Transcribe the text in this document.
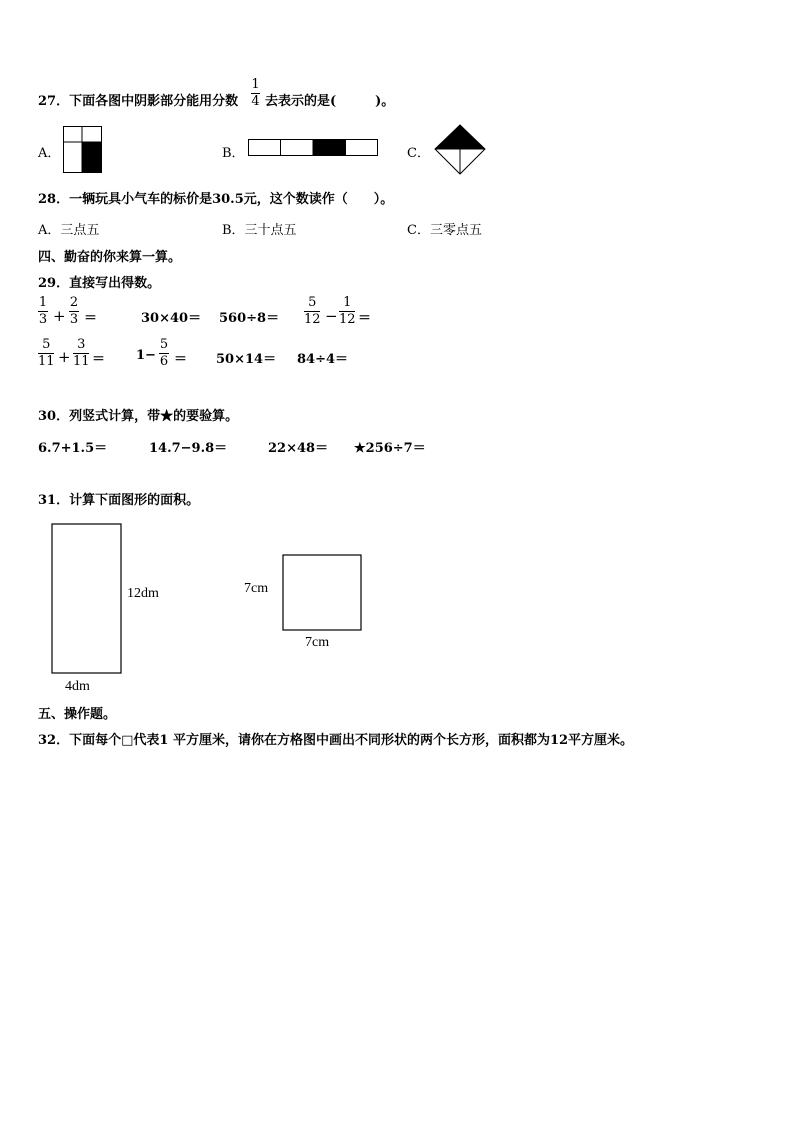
27．下面各图中阴影部分能用分数
1
4 去表示的是(　　　)。
A．	B．	C．
28．一辆玩具小气车的标价是30.5元，这个数读作（　　）。
A．三点五	B．三十点五	C．三零点五
四、勤奋的你来算一算。
29．直接写出得数。
1
3 +
2
3 ＝	30×40＝ 560÷8＝
5
12 −
1
12 ＝
5
11 +
3
11 ＝ 1−
5
6 ＝ 50×14＝ 84÷4＝
30．列竖式计算，带★的要验算。
6.7+1.5＝	14.7−9.8＝	22×48＝ ★256÷7＝
31．计算下面图形的面积。
12dm
4dm
7cm
7cm
五、操作题。
32．下面每个□代表1 平方厘米，请你在方格图中画出不同形状的两个长方形，面积都为12平方厘米。
